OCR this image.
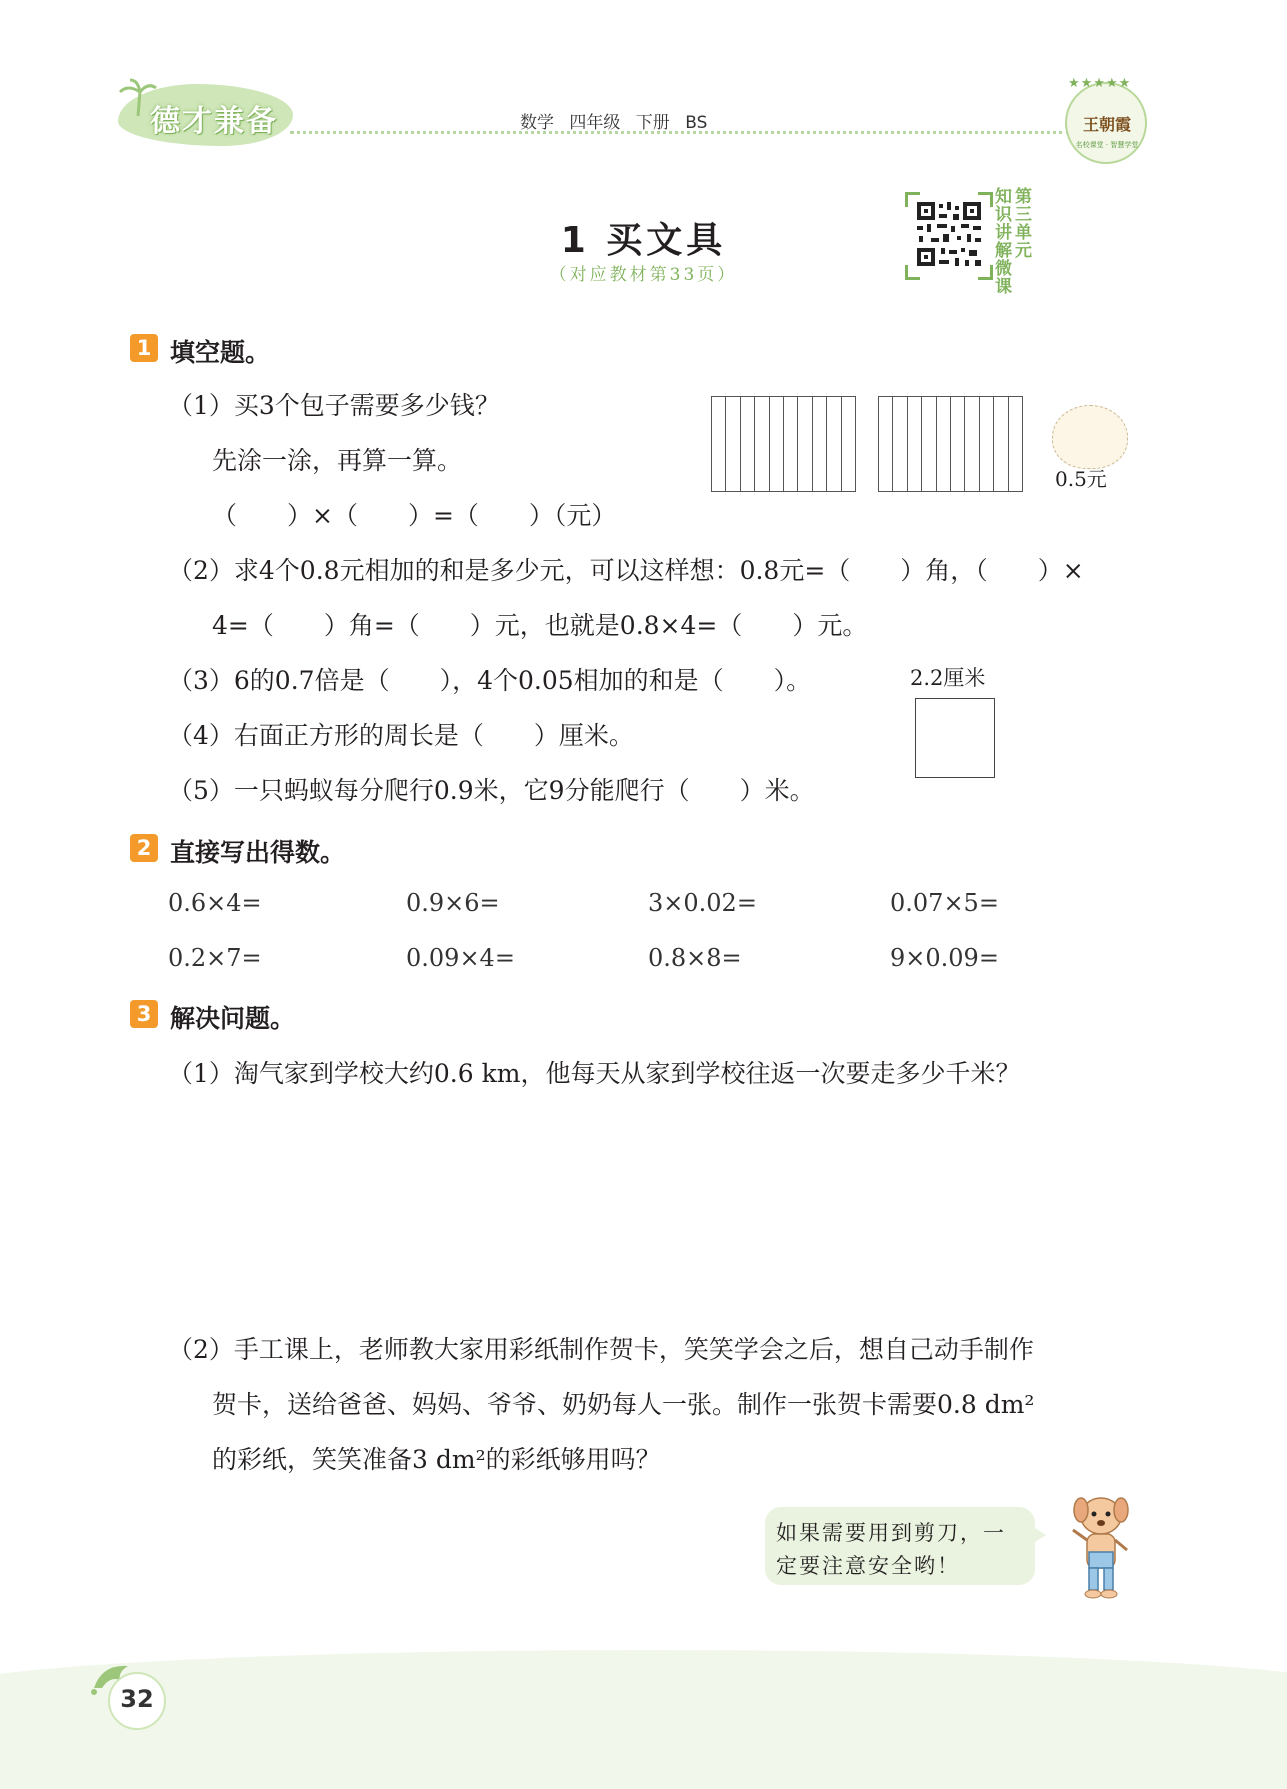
德才兼备	数学 四年级 下册 BS
★★★★★
王朝霞
名校课堂 · 智慧学堂
1 买文具
（对应教材第33页）
知识讲解微课
第三单元
1 填空题。
（1）买3个包子需要多少钱？
先涂一涂，再算一算。
（　　）×（　　）=（　　）（元）
（2）求4个0.8元相加的和是多少元，可以这样想：0.8元=（　　）角，（　　）×
4=（　　）角=（　　）元，也就是0.8×4=（　　）元。
（3）6的0.7倍是（　　），4个0.05相加的和是（　　）。
（4）右面正方形的周长是（　　）厘米。
（5）一只蚂蚁每分爬行0.9米，它9分能爬行（　　）米。
0.5元
2.2厘米
2 直接写出得数。
0.6×4=	0.9×6=	3×0.02=	0.07×5=
0.2×7=	0.09×4=	0.8×8=	9×0.09=
3 解决问题。
（1）淘气家到学校大约0.6 km，他每天从家到学校往返一次要走多少千米？
（2）手工课上，老师教大家用彩纸制作贺卡，笑笑学会之后，想自己动手制作
贺卡，送给爸爸、妈妈、爷爷、奶奶每人一张。制作一张贺卡需要0.8 dm²
的彩纸，笑笑准备3 dm²的彩纸够用吗？
如果需要用到剪刀，一
定要注意安全哟！
32
